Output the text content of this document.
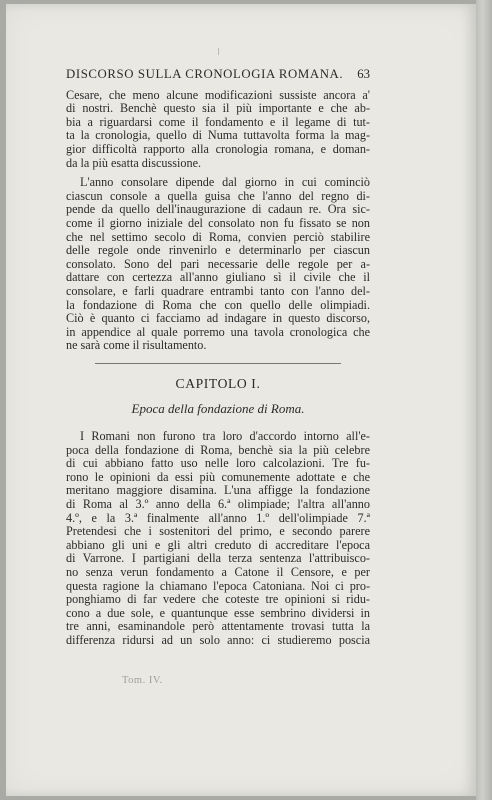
DISCORSO SULLA CRONOLOGIA ROMANA. 63
Cesare, che meno alcune modificazioni sussiste ancora a'
di nostri. Benchè questo sia il più importante e che ab-
bia a riguardarsi come il fondamento e il legame di tut-
ta la cronologia, quello di Numa tuttavolta forma la mag-
gior difficoltà rapporto alla cronologia romana, e doman-
da la più esatta discussione.
L'anno consolare dipende dal giorno in cui cominciò
ciascun console a quella guisa che l'anno del regno di-
pende da quello dell'inaugurazione di cadaun re. Ora sic-
come il giorno iniziale del consolato non fu fissato se non
che nel settimo secolo di Roma, convien perciò stabilire
delle regole onde rinvenirlo e determinarlo per ciascun
consolato. Sono del pari necessarie delle regole per a-
dattare con certezza all'anno giuliano sì il civile che il
consolare, e farli quadrare entrambi tanto con l'anno del-
la fondazione di Roma che con quello delle olimpiadi.
Ciò è quanto ci facciamo ad indagare in questo discorso,
in appendice al quale porremo una tavola cronologica che
ne sarà come il risultamento.
CAPITOLO I.
Epoca della fondazione di Roma.
I Romani non furono tra loro d'accordo intorno all'e-
poca della fondazione di Roma, benchè sia la più celebre
di cui abbiano fatto uso nelle loro calcolazioni. Tre fu-
rono le opinioni da essi più comunemente adottate e che
meritano maggiore disamina. L'una affigge la fondazione
di Roma al 3.º anno della 6.ª olimpiade; l'altra all'anno
4.º, e la 3.ª finalmente all'anno 1.º dell'olimpiade 7.ª
Pretendesi che i sostenitori del primo, e secondo parere
abbiano gli uni e gli altri creduto di accreditare l'epoca
di Varrone. I partigiani della terza sentenza l'attribuisco-
no senza verun fondamento a Catone il Censore, e per
questa ragione la chiamano l'epoca Catoniana. Noi ci pro-
ponghiamo di far vedere che coteste tre opinioni si ridu-
cono a due sole, e quantunque esse sembrino dividersi in
tre anni, esaminandole però attentamente trovasi tutta la
differenza ridursi ad un solo anno: ci studieremo poscia
Tom. IV.
